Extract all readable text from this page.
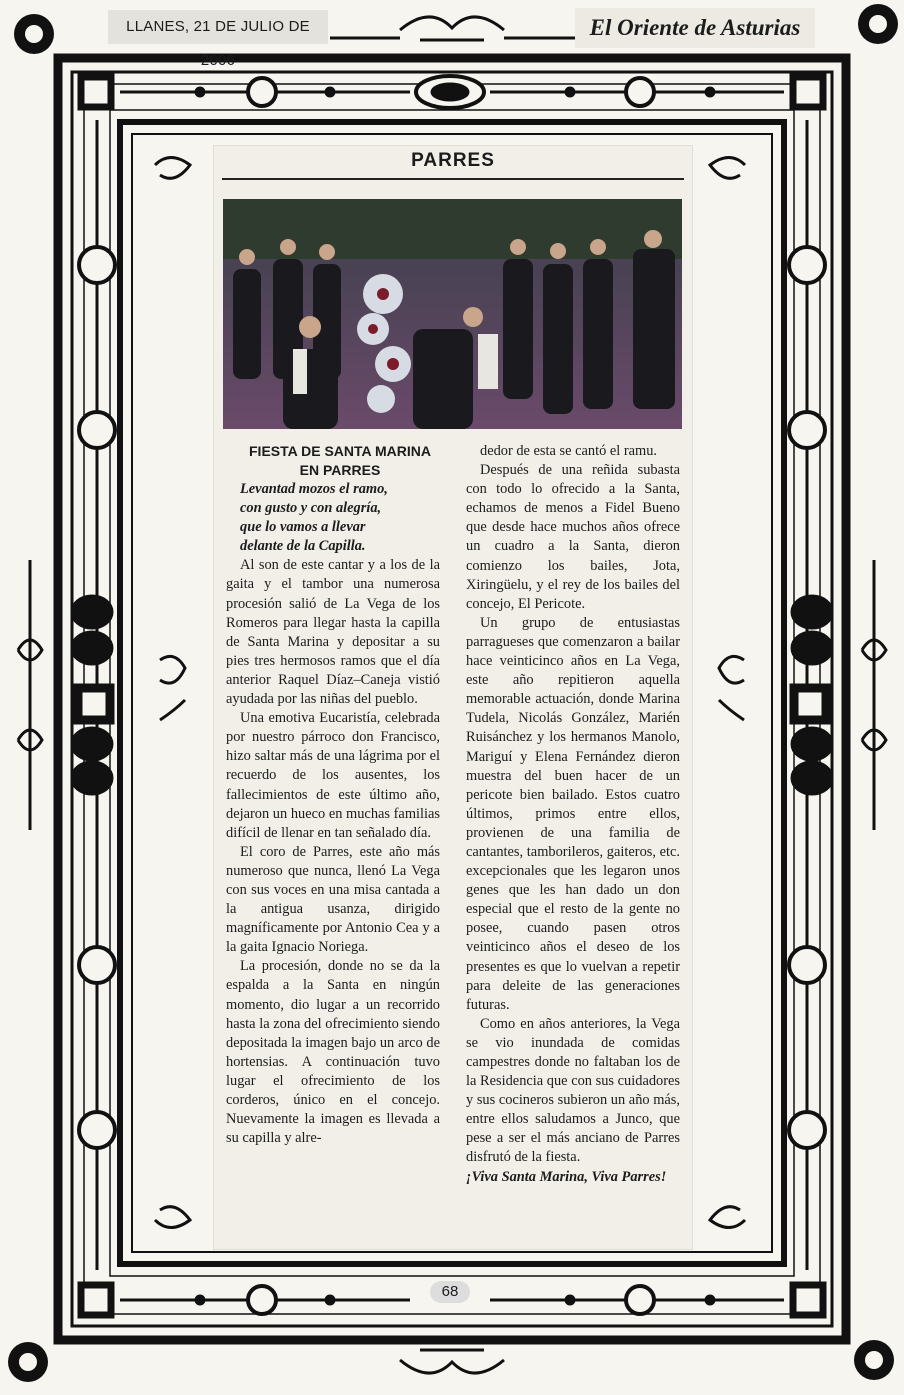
LLANES, 21 DE JULIO DE 2006
El Oriente de Asturias
PARRES

FIESTA DE SANTA MARINA

EN PARRES

Levantad mozos el ramo,

con gusto y con alegría,

que lo vamos a llevar

delante de la Capilla.

Al son de este cantar y a los de la gaita y el tambor una numerosa procesión salió de La Vega de los Romeros para llegar hasta la capilla de Santa Marina y depositar a su pies tres hermosos ramos que el día anterior Raquel Díaz–Caneja vistió ayudada por las niñas del pueblo.

Una emotiva Eucaristía, celebrada por nuestro párroco don Francisco, hizo saltar más de una lágrima por el recuerdo de los ausentes, los fallecimientos de este último año, dejaron un hueco en muchas familias difícil de llenar en tan señalado día.

El coro de Parres, este año más numeroso que nunca, llenó La Vega con sus voces en una misa cantada a la antigua usanza, dirigido magníficamente por Antonio Cea y a la gaita Ignacio Noriega.

La procesión, donde no se da la espalda a la Santa en ningún momento, dio lugar a un recorrido hasta la zona del ofrecimiento siendo depositada la imagen bajo un arco de hortensias. A continuación tuvo lugar el ofrecimiento de los corderos, único en el concejo. Nuevamente la imagen es llevada a su capilla y alre-

dedor de esta se cantó el ramu.

Después de una reñida subasta con todo lo ofrecido a la Santa, echamos de menos a Fidel Bueno que desde hace muchos años ofrece un cuadro a la Santa, dieron comienzo los bailes, Jota, Xiringüelu, y el rey de los bailes del concejo, El Pericote.

Un grupo de entusiastas parragueses que comenzaron a bailar hace veinticinco años en La Vega, este año repitieron aquella memorable actuación, donde Marina Tudela, Nicolás González, Marién Ruisánchez y los hermanos Manolo, Mariguí y Elena Fernández dieron muestra del buen hacer de un pericote bien bailado. Estos cuatro últimos, primos entre ellos, provienen de una familia de cantantes, tamborileros, gaiteros, etc. excepcionales que les legaron unos genes que les han dado un don especial que el resto de la gente no posee, cuando pasen otros veinticinco años el deseo de los presentes es que lo vuelvan a repetir para deleite de las generaciones futuras.

Como en años anteriores, la Vega se vio inundada de comidas campestres donde no faltaban los de la Residencia que con sus cuidadores y sus cocineros subieron un año más, entre ellos saludamos a Junco, que pese a ser el más anciano de Parres disfrutó de la fiesta.

¡Viva Santa Marina, Viva Parres!

68
